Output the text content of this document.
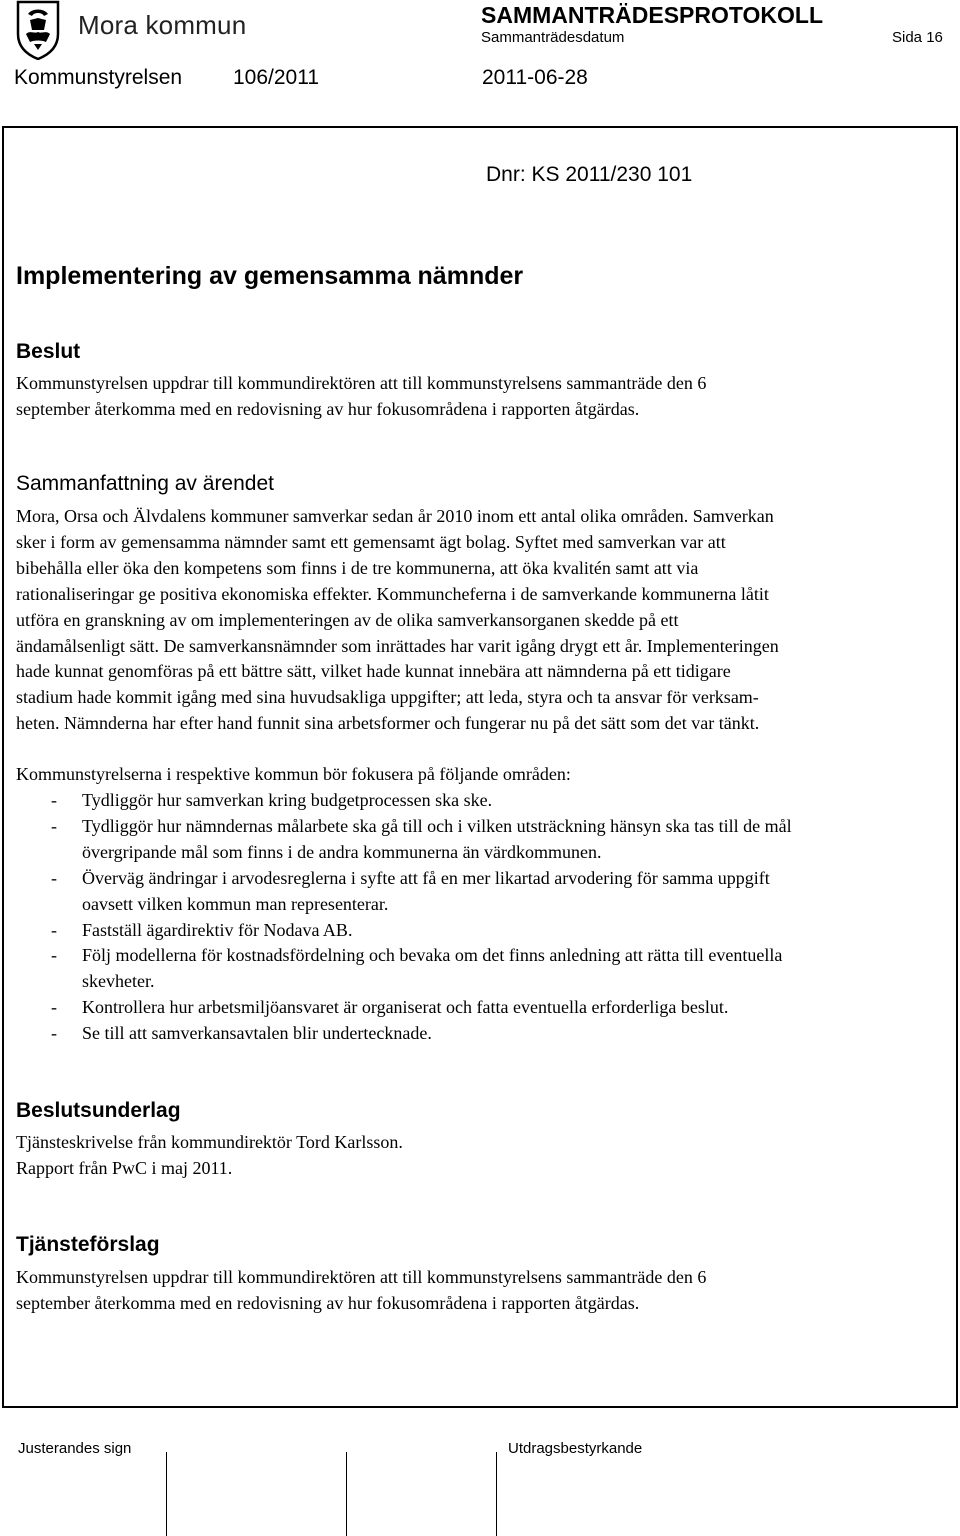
Mora kommun	SAMMANTRÄDESPROTOKOLL
Sammanträdesdatum	Sida 16
Kommunstyrelsen 106/2011	2011-06-28
Dnr: KS 2011/230 101
Implementering av gemensamma nämnder
Beslut
Kommunstyrelsen uppdrar till kommundirektören att till kommunstyrelsens sammanträde den 6
september återkomma med en redovisning av hur fokusområdena i rapporten åtgärdas.
Sammanfattning av ärendet
Mora, Orsa och Älvdalens kommuner samverkar sedan år 2010 inom ett antal olika områden. Samverkan
sker i form av gemensamma nämnder samt ett gemensamt ägt bolag. Syftet med samverkan var att
bibehålla eller öka den kompetens som finns i de tre kommunerna, att öka kvalitén samt att via
rationaliseringar ge positiva ekonomiska effekter. Kommuncheferna i de samverkande kommunerna låtit
utföra en granskning av om implementeringen av de olika samverkansorganen skedde på ett
ändamålsenligt sätt. De samverkansnämnder som inrättades har varit igång drygt ett år. Implementeringen
hade kunnat genomföras på ett bättre sätt, vilket hade kunnat innebära att nämnderna på ett tidigare
stadium hade kommit igång med sina huvudsakliga uppgifter; att leda, styra och ta ansvar för verksam-
heten. Nämnderna har efter hand funnit sina arbetsformer och fungerar nu på det sätt som det var tänkt.
Kommunstyrelserna i respektive kommun bör fokusera på följande områden:
- Tydliggör hur samverkan kring budgetprocessen ska ske.
- Tydliggör hur nämndernas målarbete ska gå till och i vilken utsträckning hänsyn ska tas till de mål
övergripande mål som finns i de andra kommunerna än värdkommunen.
- Överväg ändringar i arvodesreglerna i syfte att få en mer likartad arvodering för samma uppgift
oavsett vilken kommun man representerar.
- Fastställ ägardirektiv för Nodava AB.
- Följ modellerna för kostnadsfördelning och bevaka om det finns anledning att rätta till eventuella
skevheter.
- Kontrollera hur arbetsmiljöansvaret är organiserat och fatta eventuella erforderliga beslut.
- Se till att samverkansavtalen blir undertecknade.
Beslutsunderlag
Tjänsteskrivelse från kommundirektör Tord Karlsson.
Rapport från PwC i maj 2011.
Tjänsteförslag
Kommunstyrelsen uppdrar till kommundirektören att till kommunstyrelsens sammanträde den 6
september återkomma med en redovisning av hur fokusområdena i rapporten åtgärdas.
Justerandes sign	Utdragsbestyrkande
